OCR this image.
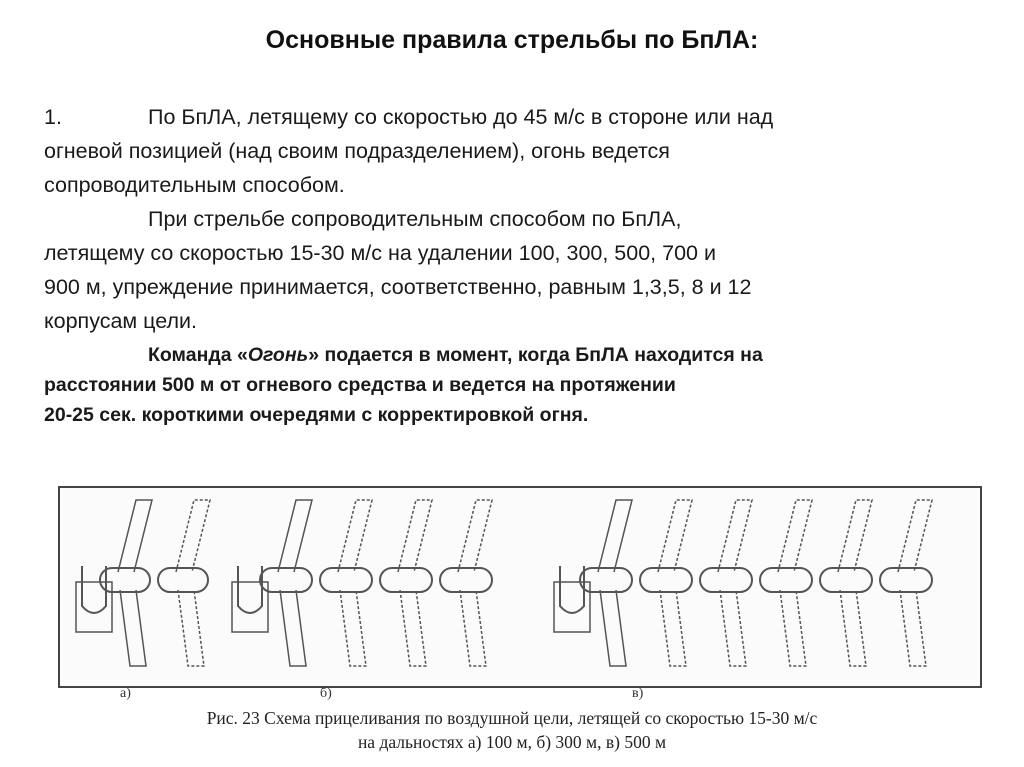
Основные правила стрельбы по БпЛА:

1.	По БпЛА, летящему со скоростью до 45 м/с в стороне или над
огневой позицией (над своим подразделением), огонь ведется
сопроводительным способом.

При стрельбе сопроводительным способом по БпЛА,
летящему со скоростью 15-30 м/с на удалении 100, 300, 500, 700 и
900 м, упреждение принимается, соответственно, равным 1,3,5, 8 и 12
корпусам цели.

Команда «Огонь» подается в момент, когда БпЛА находится на
расстоянии 500 м от огневого средства и ведется на протяжении
20-25 сек. короткими очередями с корректировкой огня.

а)	б)	в)
Рис. 23 Схема прицеливания по воздушной цели, летящей со скоростью 15-30 м/с
на дальностях а) 100 м, б) 300 м, в) 500 м
